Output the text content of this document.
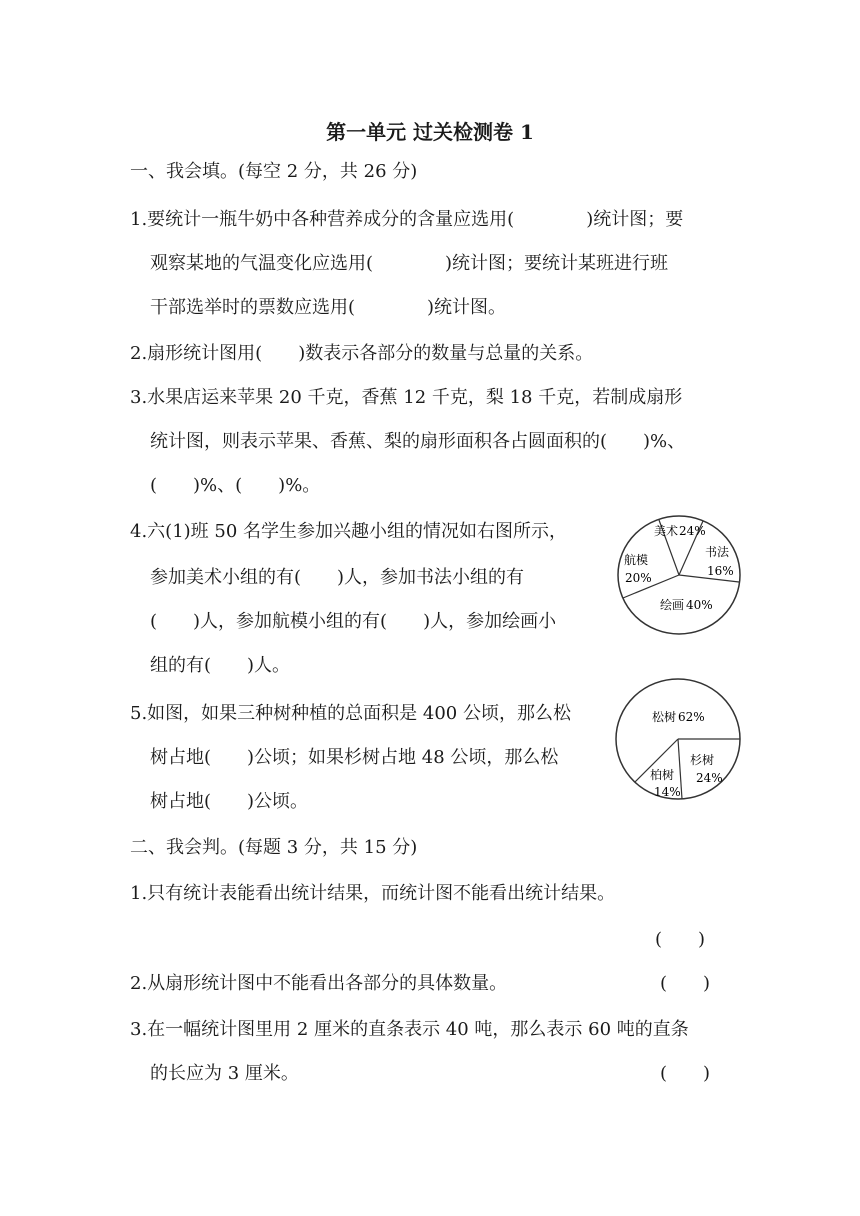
第一单元 过关检测卷 1
一、我会填。(每空 2 分，共 26 分)
1.要统计一瓶牛奶中各种营养成分的含量应选用(　　　　)统计图；要
观察某地的气温变化应选用(　　　　)统计图；要统计某班进行班
干部选举时的票数应选用(　　　　)统计图。
2.扇形统计图用(　　)数表示各部分的数量与总量的关系。
3.水果店运来苹果 20 千克，香蕉 12 千克，梨 18 千克，若制成扇形
统计图，则表示苹果、香蕉、梨的扇形面积各占圆面积的(　　)%、
(　　)%、(　　)%。
4.六(1)班 50 名学生参加兴趣小组的情况如右图所示，
参加美术小组的有(　　)人，参加书法小组的有
(　　)人，参加航模小组的有(　　)人，参加绘画小
组的有(　　)人。
5.如图，如果三种树种植的总面积是 400 公顷，那么松
树占地(　　)公顷；如果杉树占地 48 公顷，那么松
树占地(　　)公顷。
二、我会判。(每题 3 分，共 15 分)
1.只有统计表能看出统计结果，而统计图不能看出统计结果。
(　　)
2.从扇形统计图中不能看出各部分的具体数量。	(　　)
3.在一幅统计图里用 2 厘米的直条表示 40 吨，那么表示 60 吨的直条
的长应为 3 厘米。	(　　)
美术 24%
书法
16%
绘画 40%
航模
20%
松树 62%
杉树
24%
柏树
14%
